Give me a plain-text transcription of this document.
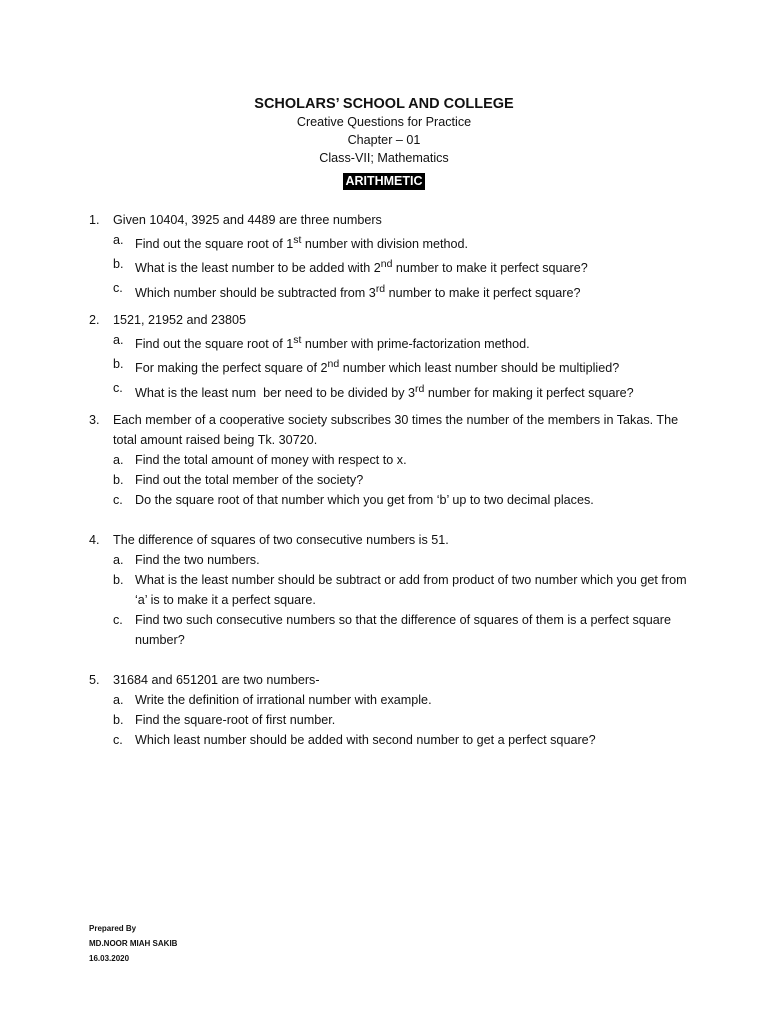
SCHOLARS’ SCHOOL AND COLLEGE
Creative Questions for Practice
Chapter – 01
Class-VII; Mathematics
ARITHMETIC
1. Given 10404, 3925 and 4489 are three numbers
a. Find out the square root of 1st number with division method.
b. What is the least number to be added with 2nd number to make it perfect square?
c. Which number should be subtracted from 3rd number to make it perfect square?
2. 1521, 21952 and 23805
a. Find out the square root of 1st number with prime-factorization method.
b. For making the perfect square of 2nd number which least number should be multiplied?
c. What is the least num  ber need to be divided by 3rd number for making it perfect square?
3. Each member of a cooperative society subscribes 30 times the number of the members in Takas. The total amount raised being Tk. 30720.
a. Find the total amount of money with respect to x.
b. Find out the total member of the society?
c. Do the square root of that number which you get from ‘b’ up to two decimal places.
4. The difference of squares of two consecutive numbers is 51.
a. Find the two numbers.
b. What is the least number should be subtract or add from product of two number which you get from ‘a’ is to make it a perfect square.
c. Find two such consecutive numbers so that the difference of squares of them is a perfect square number?
5. 31684 and 651201 are two numbers-
a. Write the definition of irrational number with example.
b. Find the square-root of first number.
c. Which least number should be added with second number to get a perfect square?
Prepared By
MD.NOOR MIAH SAKIB
16.03.2020
